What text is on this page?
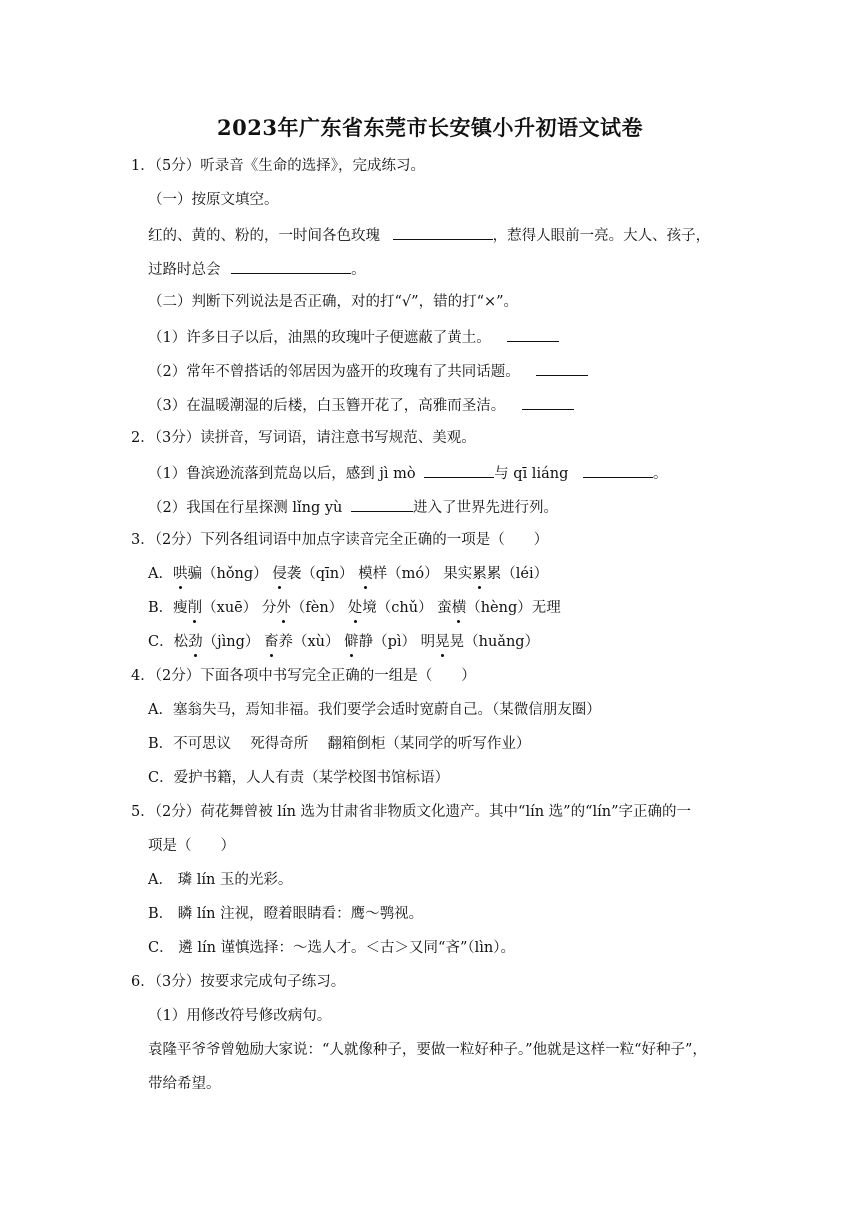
2023年广东省东莞市长安镇小升初语文试卷
1．（5分）听录音《生命的选择》，完成练习。
（一）按原文填空。
红的、黄的、粉的，一时间各色玫瑰	，惹得人眼前一亮。大人、孩子，
过路时总会	。
（二）判断下列说法是否正确，对的打“√”，错的打“×”。
（1）许多日子以后，油黑的玫瑰叶子便遮蔽了黄土。
（2）常年不曾搭话的邻居因为盛开的玫瑰有了共同话题。
（3）在温暖潮湿的后楼，白玉簪开花了，高雅而圣洁。
2．（3分）读拼音，写词语，请注意书写规范、美观。
（1）鲁滨逊流落到荒岛以后，感到 jì mò	与 qī liáng	。
（2）我国在行星探测 lǐng yù	进入了世界先进行列。
3．（2分）下列各组词语中加点字读音完全正确的一项是（　　）
A．哄骗（hǒng） 侵袭（qīn） 模样（mó） 果实累累（léi）
B．瘦削（xuē） 分外（fèn） 处境（chǔ） 蛮横（hèng）无理
C．松劲（jìng） 畜养（xù） 僻静（pì） 明晃晃（huǎng）
4．（2分）下面各项中书写完全正确的一组是（　　）
A．塞翁失马，焉知非福。我们要学会适时宽蔚自己。（某微信朋友圈）
B．不可思议　 死得奇所　 翻箱倒柜（某同学的听写作业）
C．爱护书籍，人人有责（某学校图书馆标语）
5．（2分）荷花舞曾被 lín 选为甘肃省非物质文化遗产。其中“lín 选”的“lín”字正确的一
项是（　　）
A． 璘 lín 玉的光彩。
B． 瞵 lín 注视，瞪着眼睛看：鹰～鹗视。
C． 遴 lín 谨慎选择：～选人才。＜古＞又同“吝”（lìn）。
6．（3分）按要求完成句子练习。
（1）用修改符号修改病句。
袁隆平爷爷曾勉励大家说：“人就像种子，要做一粒好种子。”他就是这样一粒“好种子”，
带给希望。
